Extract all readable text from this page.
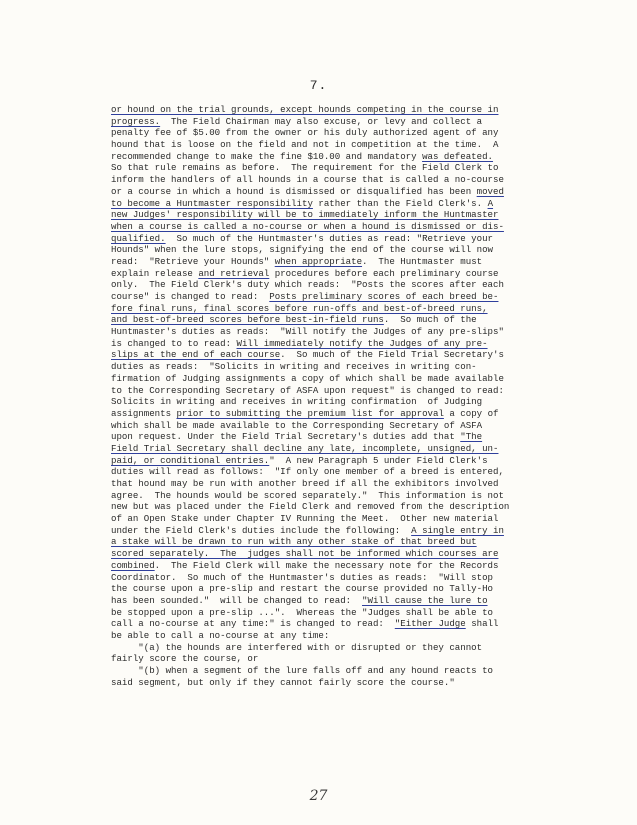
7.
or hound on the trial grounds, except hounds competing in the course in
progress.  The Field Chairman may also excuse, or levy and collect a
penalty fee of $5.00 from the owner or his duly authorized agent of any
hound that is loose on the field and not in competition at the time.  A
recommended change to make the fine $10.00 and mandatory was defeated.
So that rule remains as before.  The requirement for the Field Clerk to
inform the handlers of all hounds in a course that is called a no-course
or a course in which a hound is dismissed or disqualified has been moved
to become a Huntmaster responsibility rather than the Field Clerk's. A
new Judges' responsibility will be to immediately inform the Huntmaster
when a course is called a no-course or when a hound is dismissed or dis-
qualified.  So much of the Huntmaster's duties as read: "Retrieve your
Hounds" when the lure stops, signifying the end of the course will now
read:  "Retrieve your Hounds" when appropriate.  The Huntmaster must
explain release and retrieval procedures before each preliminary course
only.  The Field Clerk's duty which reads:  "Posts the scores after each
course" is changed to read:  Posts preliminary scores of each breed be-
fore final runs, final scores before run-offs and best-of-breed runs,
and best-of-breed scores before best-in-field runs.  So much of the
Huntmaster's duties as reads:  "Will notify the Judges of any pre-slips"
is changed to to read: Will immediately notify the Judges of any pre-
slips at the end of each course.  So much of the Field Trial Secretary's
duties as reads:  "Solicits in writing and receives in writing con-
firmation of Judging assignments a copy of which shall be made available
to the Corresponding Secretary of ASFA upon request" is changed to read:
Solicits in writing and receives in writing confirmation  of Judging
assignments prior to submitting the premium list for approval a copy of
which shall be made available to the Corresponding Secretary of ASFA
upon request. Under the Field Trial Secretary's duties add that "The
Field Trial Secretary shall decline any late, incomplete, unsigned, un-
paid, or conditional entries."  A new Paragraph 5 under Field Clerk's
duties will read as follows:  "If only one member of a breed is entered,
that hound may be run with another breed if all the exhibitors involved
agree.  The hounds would be scored separately."  This information is not
new but was placed under the Field Clerk and removed from the description
of an Open Stake under Chapter IV Running the Meet.  Other new material
under the Field Clerk's duties include the following:  A single entry in
a stake will be drawn to run with any other stake of that breed but
scored separately.  The  judges shall not be informed which courses are
combined.  The Field Clerk will make the necessary note for the Records
Coordinator.  So much of the Huntmaster's duties as reads:  "Will stop
the course upon a pre-slip and restart the course provided no Tally-Ho
has been sounded."  will be changed to read:  "Will cause the lure to
be stopped upon a pre-slip ...".  Whereas the "Judges shall be able to
call a no-course at any time:" is changed to read:  "Either Judge shall
be able to call a no-course at any time:
"(a) the hounds are interfered with or disrupted or they cannot
fairly score the course, or
"(b) when a segment of the lure falls off and any hound reacts to
said segment, but only if they cannot fairly score the course."
27
